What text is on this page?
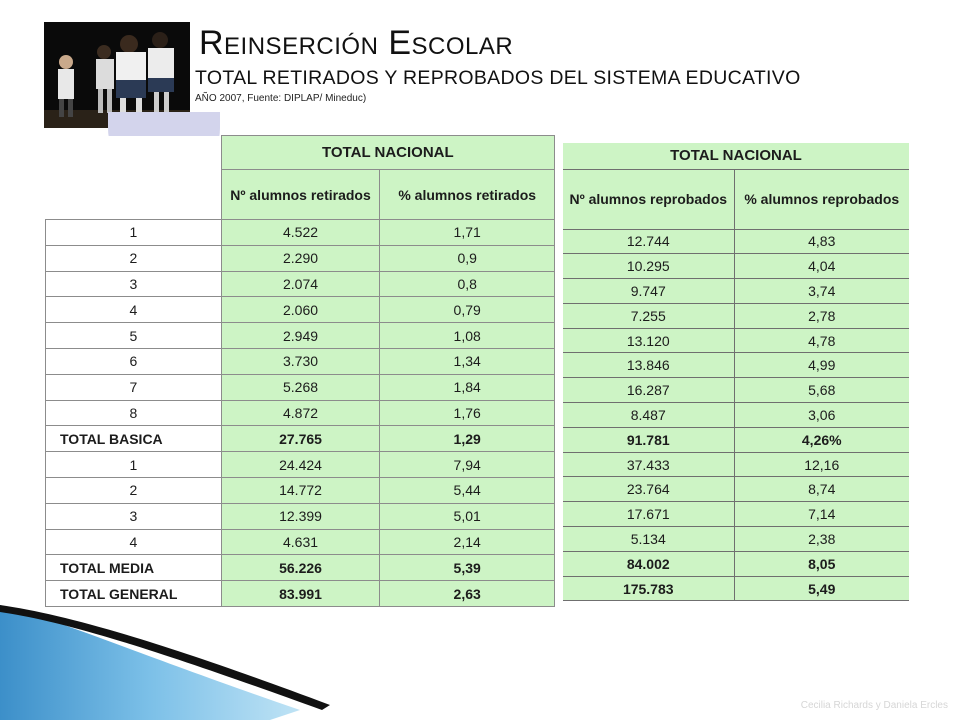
Reinserción Escolar
TOTAL RETIRADOS Y REPROBADOS DEL SISTEMA EDUCATIVO
AÑO 2007, Fuente: DIPLAP/ Mineduc)
	TOTAL NACIONAL	
	Nº alumnos retirados	% alumnos retirados
1	4.522	1,71
2	2.290	0,9
3	2.074	0,8
4	2.060	0,79
5	2.949	1,08
6	3.730	1,34
7	5.268	1,84
8	4.872	1,76
TOTAL BASICA	27.765	1,29
1	24.424	7,94
2	14.772	5,44
3	12.399	5,01
4	4.631	2,14
TOTAL MEDIA	56.226	5,39
TOTAL GENERAL	83.991	2,63
TOTAL NACIONAL	
Nº alumnos reprobados	% alumnos reprobados
12.744	4,83
10.295	4,04
9.747	3,74
7.255	2,78
13.120	4,78
13.846	4,99
16.287	5,68
8.487	3,06
91.781	4,26%
37.433	12,16
23.764	8,74
17.671	7,14
5.134	2,38
84.002	8,05
175.783	5,49
Cecilia Richards y Daniela Ercles
